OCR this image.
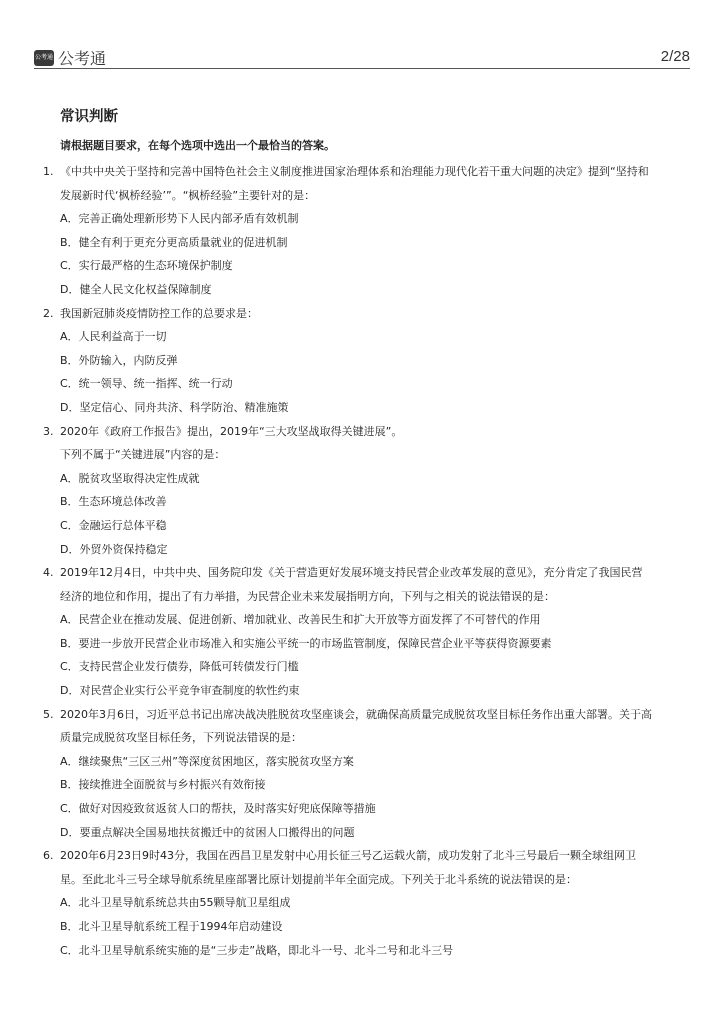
公考通 公考通	2/28
常识判断
请根据题目要求，在每个选项中选出一个最恰当的答案。
1. 《中共中央关于坚持和完善中国特色社会主义制度推进国家治理体系和治理能力现代化若干重大问题的决定》提到“坚持和
发展新时代‘枫桥经验’”。“枫桥经验”主要针对的是：
A．完善正确处理新形势下人民内部矛盾有效机制
B．健全有利于更充分更高质量就业的促进机制
C．实行最严格的生态环境保护制度
D．健全人民文化权益保障制度
2. 我国新冠肺炎疫情防控工作的总要求是：
A．人民利益高于一切
B．外防输入，内防反弹
C．统一领导、统一指挥、统一行动
D．坚定信心、同舟共济、科学防治、精准施策
3. 2020年《政府工作报告》提出，2019年“三大攻坚战取得关键进展”。
下列不属于“关键进展”内容的是：
A．脱贫攻坚取得决定性成就
B．生态环境总体改善
C．金融运行总体平稳
D．外贸外资保持稳定
4. 2019年12月4日，中共中央、国务院印发《关于营造更好发展环境支持民营企业改革发展的意见》，充分肯定了我国民营
经济的地位和作用，提出了有力举措，为民营企业未来发展指明方向，下列与之相关的说法错误的是：
A．民营企业在推动发展、促进创新、增加就业、改善民生和扩大开放等方面发挥了不可替代的作用
B．要进一步放开民营企业市场准入和实施公平统一的市场监管制度，保障民营企业平等获得资源要素
C．支持民营企业发行债券，降低可转债发行门槛
D．对民营企业实行公平竞争审查制度的软性约束
5. 2020年3月6日，习近平总书记出席决战决胜脱贫攻坚座谈会，就确保高质量完成脱贫攻坚目标任务作出重大部署。关于高
质量完成脱贫攻坚目标任务，下列说法错误的是：
A．继续聚焦“三区三州”等深度贫困地区，落实脱贫攻坚方案
B．接续推进全面脱贫与乡村振兴有效衔接
C．做好对因疫致贫返贫人口的帮扶，及时落实好兜底保障等措施
D．要重点解决全国易地扶贫搬迁中的贫困人口搬得出的问题
6. 2020年6月23日9时43分，我国在西昌卫星发射中心用长征三号乙运载火箭，成功发射了北斗三号最后一颗全球组网卫
星。至此北斗三号全球导航系统星座部署比原计划提前半年全面完成。下列关于北斗系统的说法错误的是：
A．北斗卫星导航系统总共由55颗导航卫星组成
B．北斗卫星导航系统工程于1994年启动建设
C．北斗卫星导航系统实施的是“三步走”战略，即北斗一号、北斗二号和北斗三号
